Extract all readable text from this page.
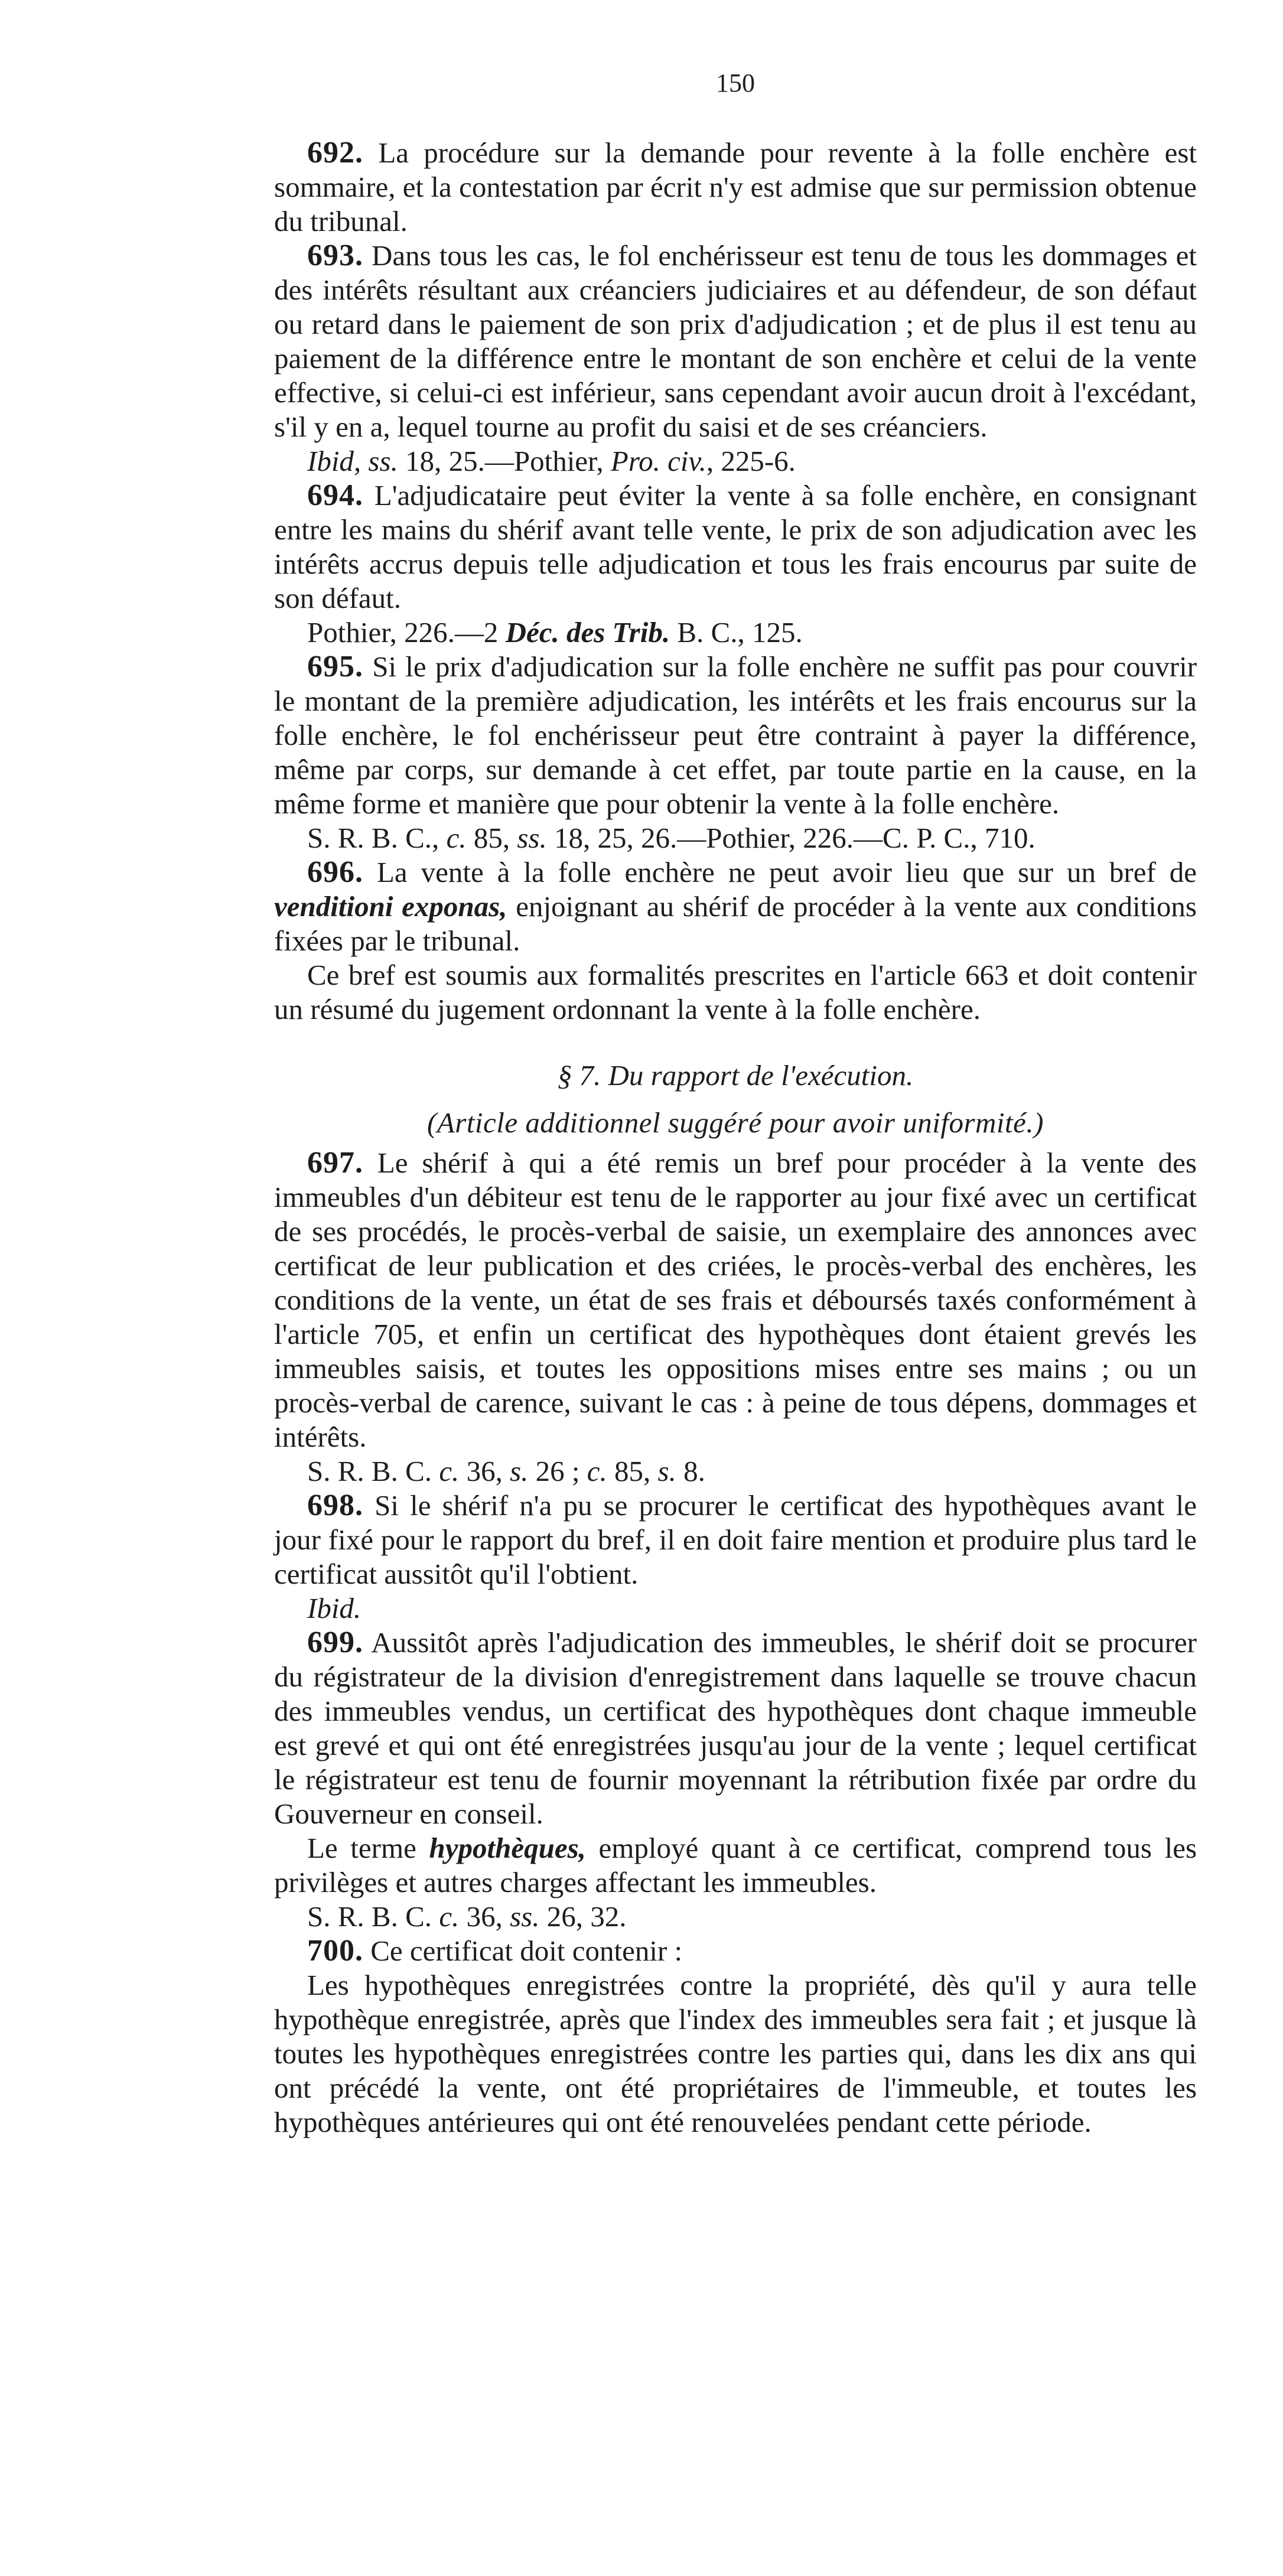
150

692. La procédure sur la demande pour revente à la folle enchère est sommaire, et la contestation par écrit n'y est admise que sur permission obtenue du tribunal.

693. Dans tous les cas, le fol enchérisseur est tenu de tous les dommages et des intérêts résultant aux créanciers judiciaires et au défendeur, de son défaut ou retard dans le paiement de son prix d'adjudication ; et de plus il est tenu au paiement de la différence entre le montant de son enchère et celui de la vente effective, si celui-ci est inférieur, sans cependant avoir aucun droit à l'excédant, s'il y en a, lequel tourne au profit du saisi et de ses créanciers.

Ibid, ss. 18, 25.—Pothier, Pro. civ., 225-6.

694. L'adjudicataire peut éviter la vente à sa folle enchère, en consignant entre les mains du shérif avant telle vente, le prix de son adjudication avec les intérêts accrus depuis telle adjudication et tous les frais encourus par suite de son défaut.

Pothier, 226.—2 Déc. des Trib. B. C., 125.

695. Si le prix d'adjudication sur la folle enchère ne suffit pas pour couvrir le montant de la première adjudication, les intérêts et les frais encourus sur la folle enchère, le fol enchérisseur peut être contraint à payer la différence, même par corps, sur demande à cet effet, par toute partie en la cause, en la même forme et manière que pour obtenir la vente à la folle enchère.

S. R. B. C., c. 85, ss. 18, 25, 26.—Pothier, 226.—C. P. C., 710.

696. La vente à la folle enchère ne peut avoir lieu que sur un bref de venditioni exponas, enjoignant au shérif de procéder à la vente aux conditions fixées par le tribunal.

Ce bref est soumis aux formalités prescrites en l'article 663 et doit contenir un résumé du jugement ordonnant la vente à la folle enchère.

§ 7. Du rapport de l'exécution.
(Article additionnel suggéré pour avoir uniformité.)

697. Le shérif à qui a été remis un bref pour procéder à la vente des immeubles d'un débiteur est tenu de le rapporter au jour fixé avec un certificat de ses procédés, le procès-verbal de saisie, un exemplaire des annonces avec certificat de leur publication et des criées, le procès-verbal des enchères, les conditions de la vente, un état de ses frais et déboursés taxés conformément à l'article 705, et enfin un certificat des hypothèques dont étaient grevés les immeubles saisis, et toutes les oppositions mises entre ses mains ; ou un procès-verbal de carence, suivant le cas : à peine de tous dépens, dommages et intérêts.

S. R. B. C. c. 36, s. 26 ; c. 85, s. 8.

698. Si le shérif n'a pu se procurer le certificat des hypothèques avant le jour fixé pour le rapport du bref, il en doit faire mention et produire plus tard le certificat aussitôt qu'il l'obtient.

Ibid.

699. Aussitôt après l'adjudication des immeubles, le shérif doit se procurer du régistrateur de la division d'enregistrement dans laquelle se trouve chacun des immeubles vendus, un certificat des hypothèques dont chaque immeuble est grevé et qui ont été enregistrées jusqu'au jour de la vente ; lequel certificat le régistrateur est tenu de fournir moyennant la rétribution fixée par ordre du Gouverneur en conseil.

Le terme hypothèques, employé quant à ce certificat, comprend tous les privilèges et autres charges affectant les immeubles.

S. R. B. C. c. 36, ss. 26, 32.

700. Ce certificat doit contenir :

Les hypothèques enregistrées contre la propriété, dès qu'il y aura telle hypothèque enregistrée, après que l'index des immeubles sera fait ; et jusque là toutes les hypothèques enregistrées contre les parties qui, dans les dix ans qui ont précédé la vente, ont été propriétaires de l'immeuble, et toutes les hypothèques antérieures qui ont été renouvelées pendant cette période.
